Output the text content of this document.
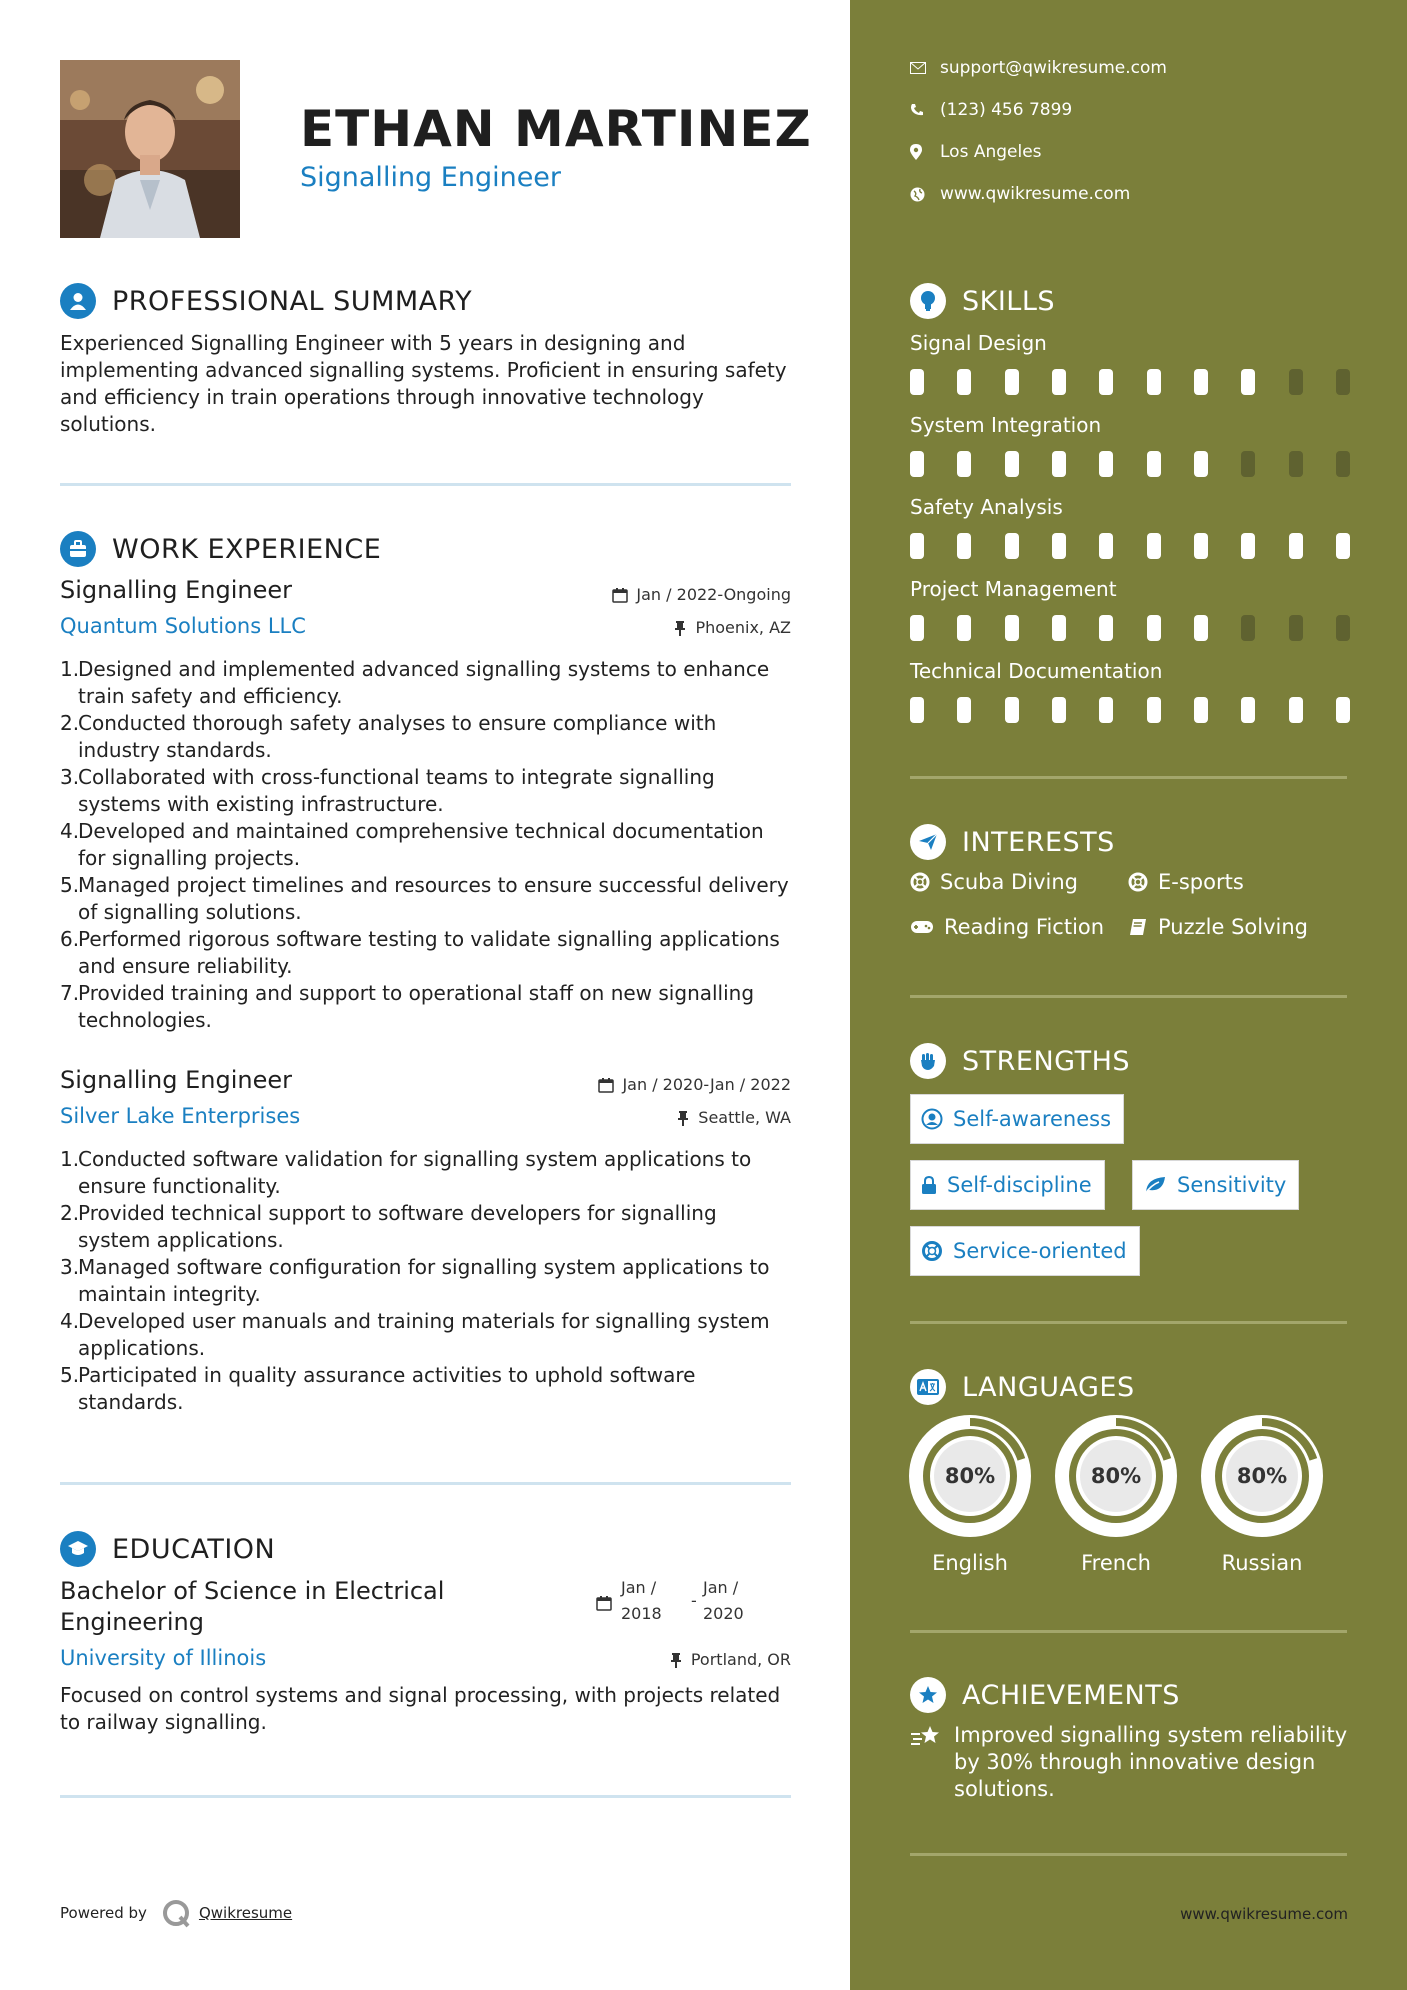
ETHAN MARTINEZ
Signalling Engineer
PROFESSIONAL SUMMARY
Experienced Signalling Engineer with 5 years in designing and implementing advanced signalling systems. Proficient in ensuring safety and efficiency in train operations through innovative technology solutions.
WORK EXPERIENCE
Signalling Engineer	Jan / 2022-Ongoing
Quantum Solutions LLC	Phoenix, AZ
1.
Designed and implemented advanced signalling systems to enhance train safety and efficiency.
2.
Conducted thorough safety analyses to ensure compliance with industry standards.
3.
Collaborated with cross-functional teams to integrate signalling systems with existing infrastructure.
4.
Developed and maintained comprehensive technical documentation for signalling projects.
5.
Managed project timelines and resources to ensure successful delivery of signalling solutions.
6.
Performed rigorous software testing to validate signalling applications and ensure reliability.
7.
Provided training and support to operational staff on new signalling technologies.
Signalling Engineer	Jan / 2020-Jan / 2022
Silver Lake Enterprises	Seattle, WA
1.
Conducted software validation for signalling system applications to ensure functionality.
2.
Provided technical support to software developers for signalling system applications.
3.
Managed software configuration for signalling system applications to maintain integrity.
4.
Developed user manuals and training materials for signalling system applications.
5.
Participated in quality assurance activities to uphold software standards.
EDUCATION
Bachelor of Science in Electrical Engineering
Jan /
2018
-
Jan /
2020
University of Illinois	Portland, OR
Focused on control systems and signal processing, with projects related to railway signalling.
Powered by	Qwikresume
support@qwikresume.com
(123) 456 7899
Los Angeles
www.qwikresume.com
SKILLS
Signal Design
System Integration
Safety Analysis
Project Management
Technical Documentation
INTERESTS
Scuba Diving	E-sports
Reading Fiction	Puzzle Solving
STRENGTHS
Self-awareness
Self-discipline	Sensitivity
Service-oriented
LANGUAGES
80%
English
80%
French
80%
Russian
ACHIEVEMENTS
Improved signalling system reliability by 30% through innovative design solutions.
www.qwikresume.com
